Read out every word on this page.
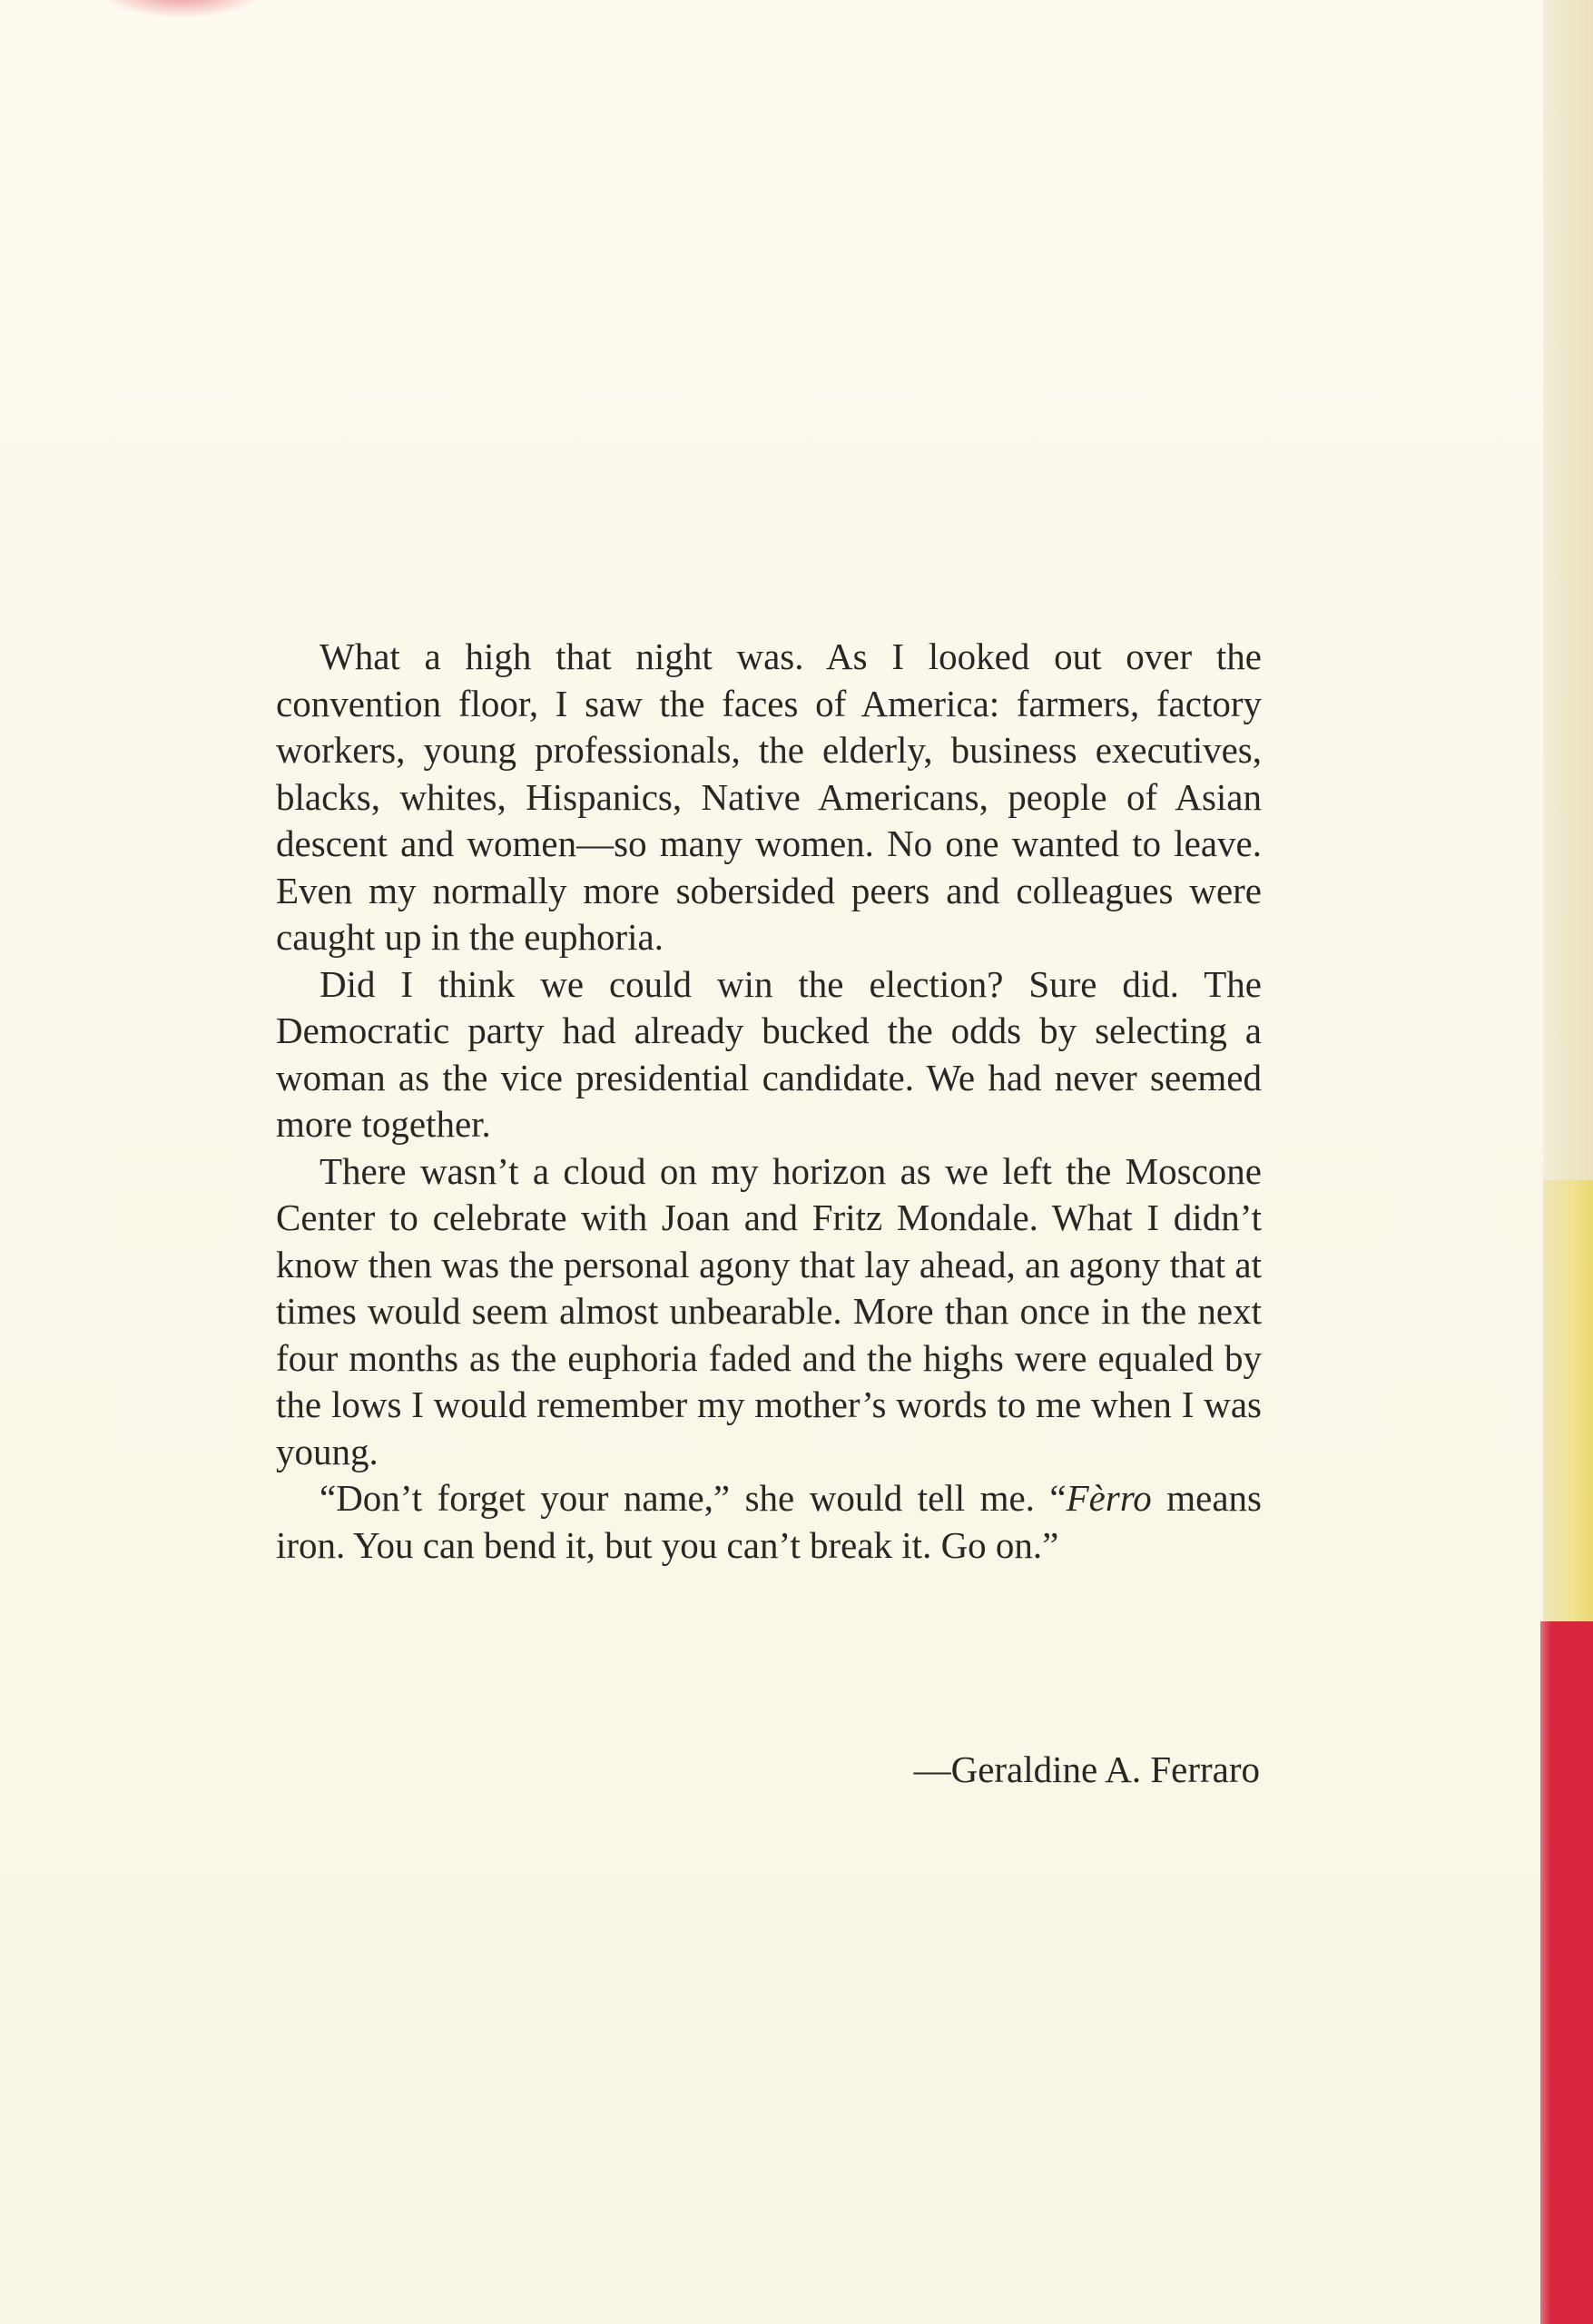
What a high that night was. As I looked out over the convention floor, I saw the faces of America: farmers, factory workers, young professionals, the elderly, business executives, blacks, whites, Hispanics, Native Americans, people of Asian descent and women—so many women. No one wanted to leave. Even my normally more sobersided peers and colleagues were caught up in the euphoria.

Did I think we could win the election? Sure did. The Democratic party had already bucked the odds by selecting a woman as the vice presidential candidate. We had never seemed more together.

There wasn’t a cloud on my horizon as we left the Moscone Center to celebrate with Joan and Fritz Mondale. What I didn’t know then was the personal agony that lay ahead, an agony that at times would seem almost unbearable. More than once in the next four months as the euphoria faded and the highs were equaled by the lows I would remember my mother’s words to me when I was young.

“Don’t forget your name,” she would tell me. “Fèrro means iron. You can bend it, but you can’t break it. Go on.”

—Geraldine A. Ferraro
